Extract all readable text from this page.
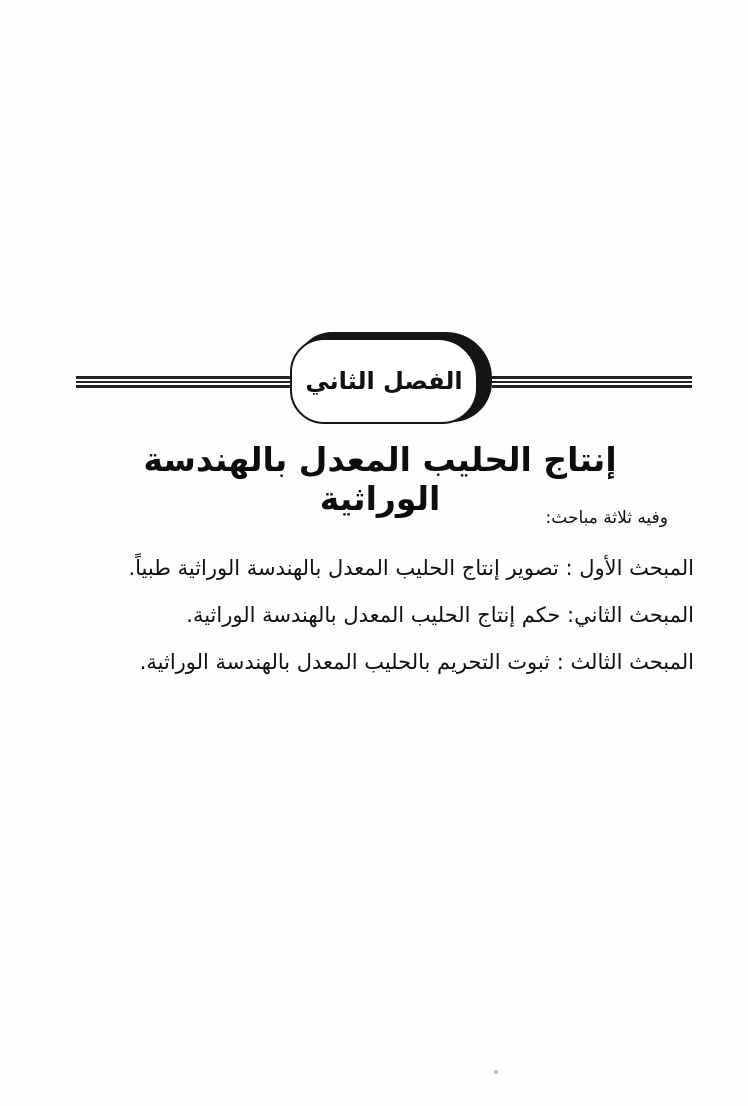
الفصل الثاني
إنتاج الحليب المعدل بالهندسة الوراثية	وفيه ثلاثة مباحث:

المبحث الأول : تصوير إنتاج الحليب المعدل بالهندسة الوراثية طبياً.

المبحث الثاني: حكم إنتاج الحليب المعدل بالهندسة الوراثية.

المبحث الثالث : ثبوت التحريم بالحليب المعدل بالهندسة الوراثية.
